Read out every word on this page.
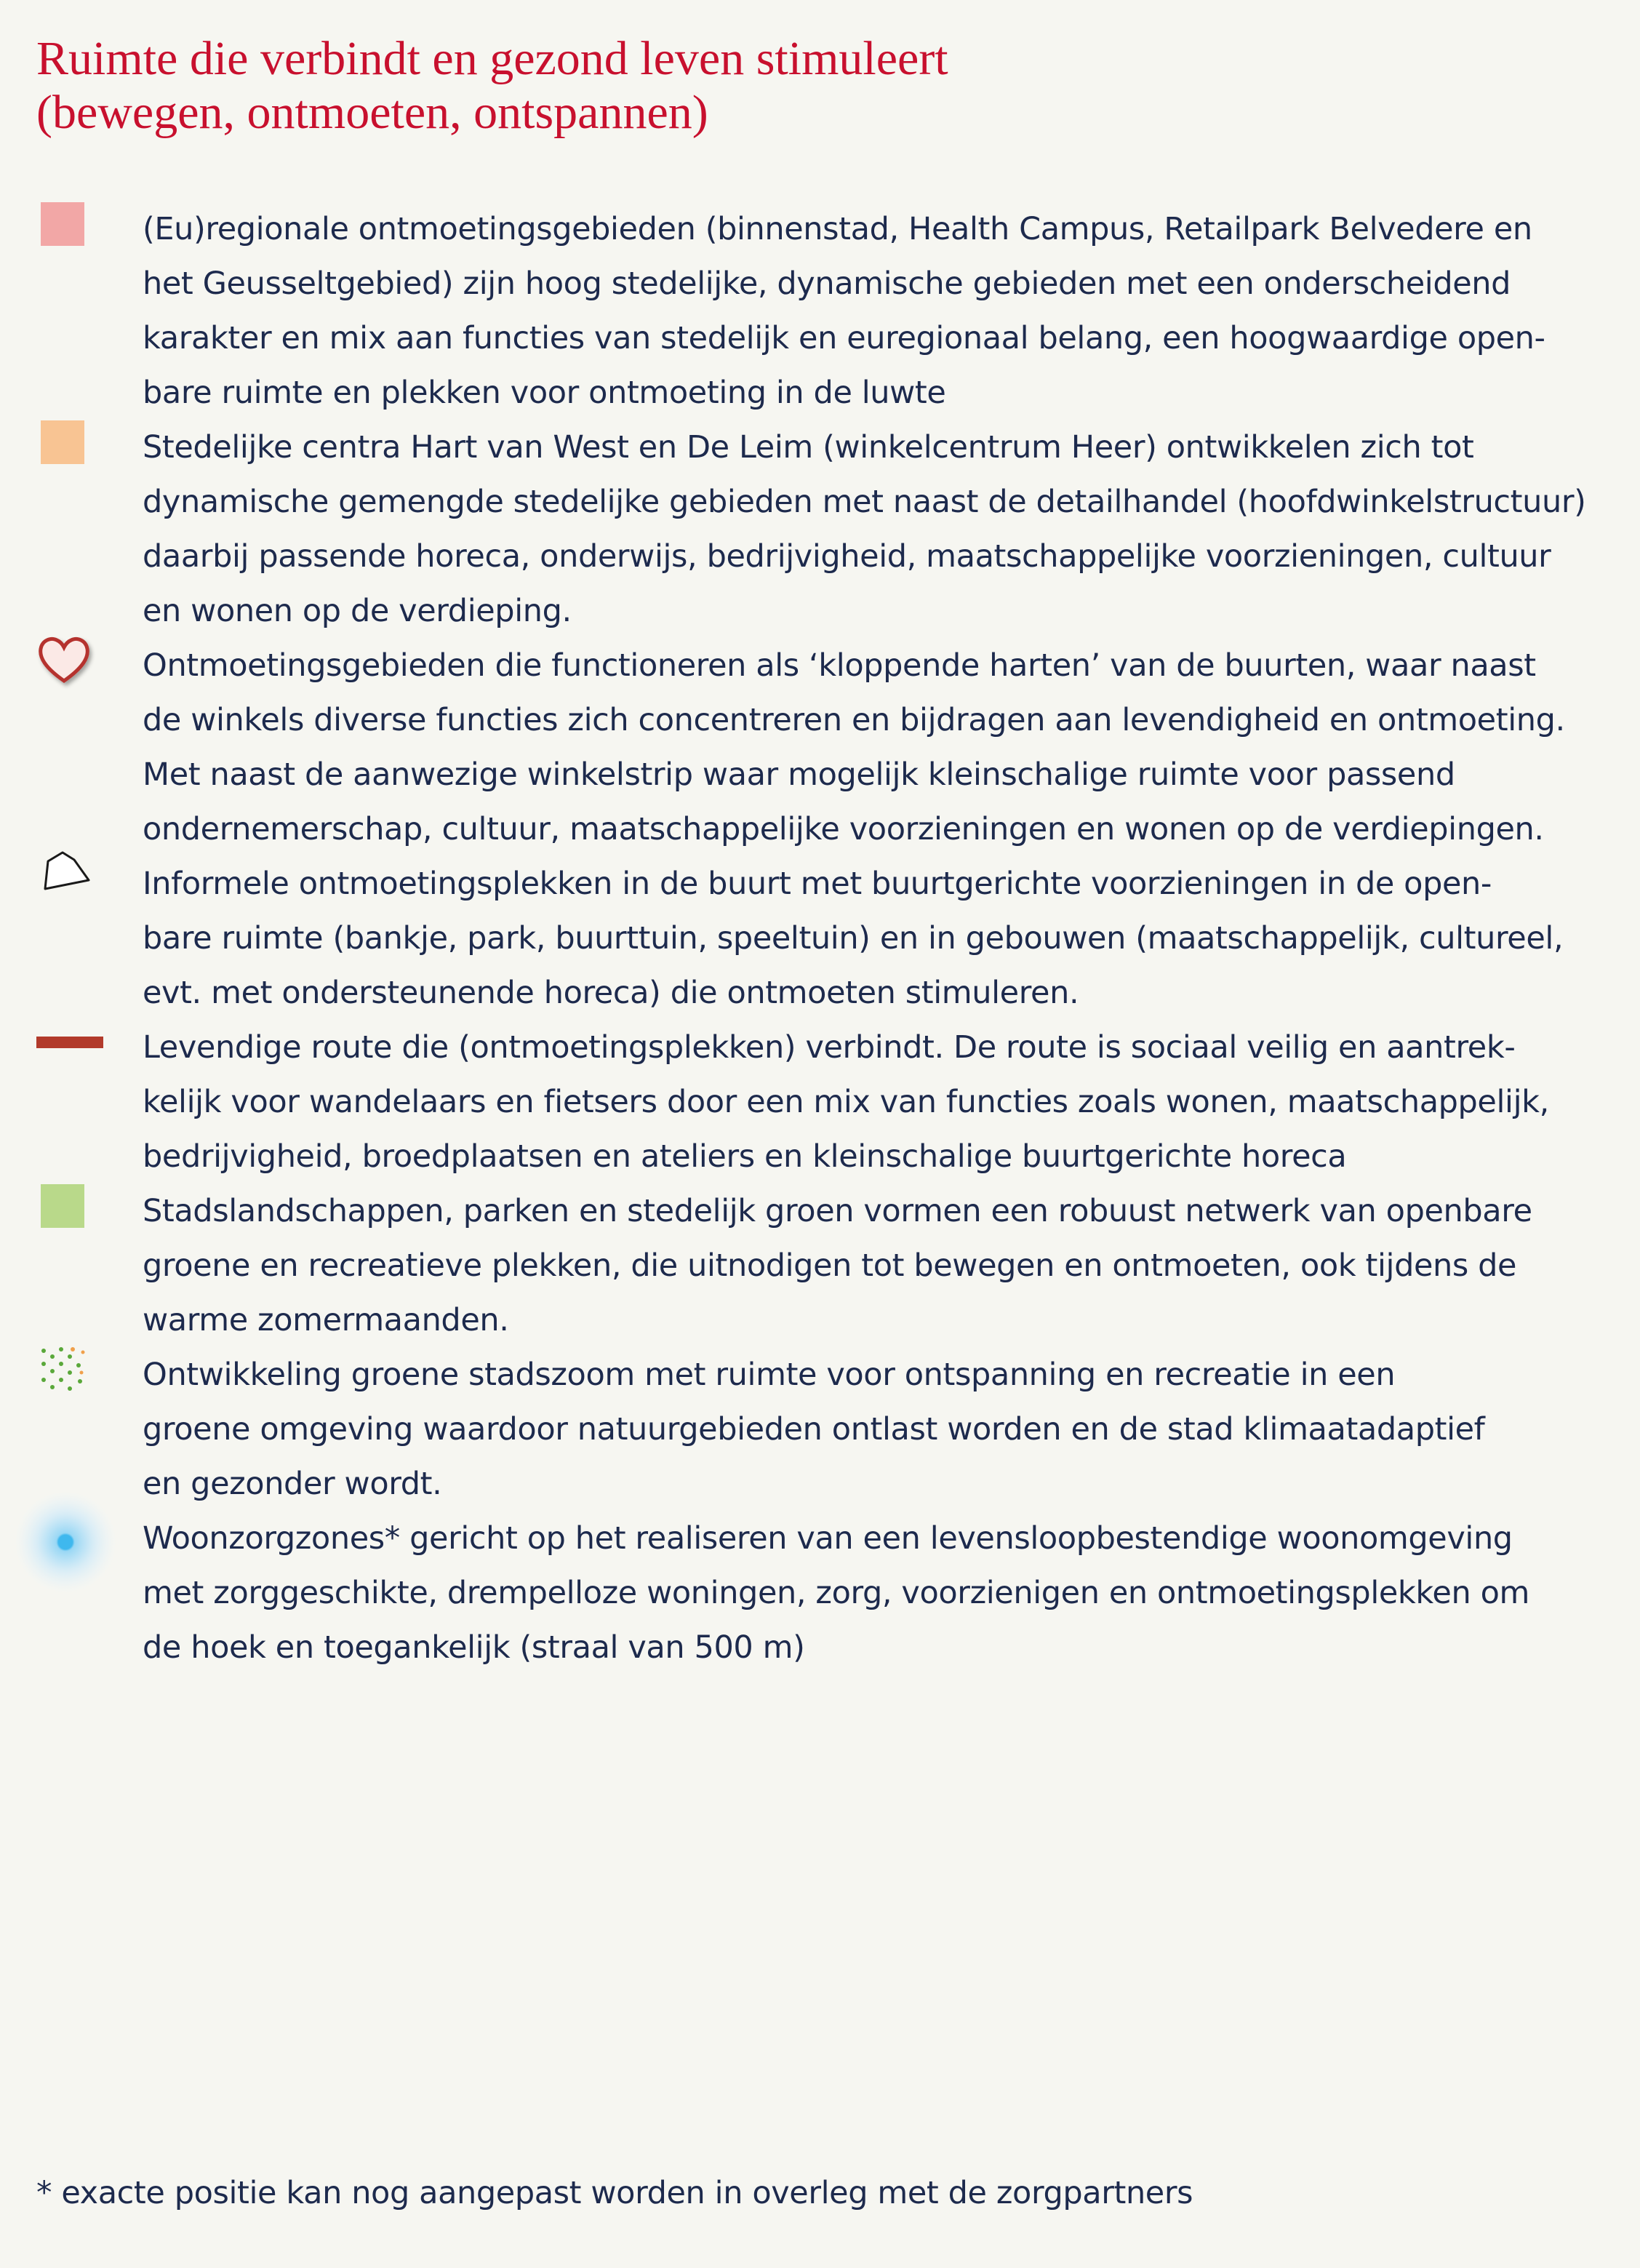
Ruimte die verbindt en gezond leven stimuleert
(bewegen, ontmoeten, ontspannen)
(Eu)regionale ontmoetingsgebieden (binnenstad, Health Campus, Retailpark Belvedere en
het Geusseltgebied) zijn hoog stedelijke, dynamische gebieden met een onderscheidend
karakter en mix aan functies van stedelijk en euregionaal belang, een hoogwaardige open-
bare ruimte en plekken voor ontmoeting in de luwte
Stedelijke centra Hart van West en De Leim (winkelcentrum Heer) ontwikkelen zich tot
dynamische gemengde stedelijke gebieden met naast de detailhandel (hoofdwinkelstructuur)
daarbij passende horeca, onderwijs, bedrijvigheid, maatschappelijke voorzieningen, cultuur
en wonen op de verdieping.
Ontmoetingsgebieden die functioneren als ‘kloppende harten’ van de buurten, waar naast
de winkels diverse functies zich concentreren en bijdragen aan levendigheid en ontmoeting.
Met naast de aanwezige winkelstrip waar mogelijk kleinschalige ruimte voor passend
ondernemerschap, cultuur, maatschappelijke voorzieningen en wonen op de verdiepingen.
Informele ontmoetingsplekken in de buurt met buurtgerichte voorzieningen in de open-
bare ruimte (bankje, park, buurttuin, speeltuin) en in gebouwen (maatschappelijk, cultureel,
evt. met ondersteunende horeca) die ontmoeten stimuleren.
Levendige route die (ontmoetingsplekken) verbindt. De route is sociaal veilig en aantrek-
kelijk voor wandelaars en fietsers door een mix van functies zoals wonen, maatschappelijk,
bedrijvigheid, broedplaatsen en ateliers en kleinschalige buurtgerichte horeca
Stadslandschappen, parken en stedelijk groen vormen een robuust netwerk van openbare
groene en recreatieve plekken, die uitnodigen tot bewegen en ontmoeten, ook tijdens de
warme zomermaanden.
Ontwikkeling groene stadszoom met ruimte voor ontspanning en recreatie in een
groene omgeving waardoor natuurgebieden ontlast worden en de stad klimaatadaptief
en gezonder wordt.
Woonzorgzones* gericht op het realiseren van een levensloopbestendige woonomgeving
met zorggeschikte, drempelloze woningen, zorg, voorzienigen en ontmoetingsplekken om
de hoek en toegankelijk (straal van 500 m)

* exacte positie kan nog aangepast worden in overleg met de zorgpartners
